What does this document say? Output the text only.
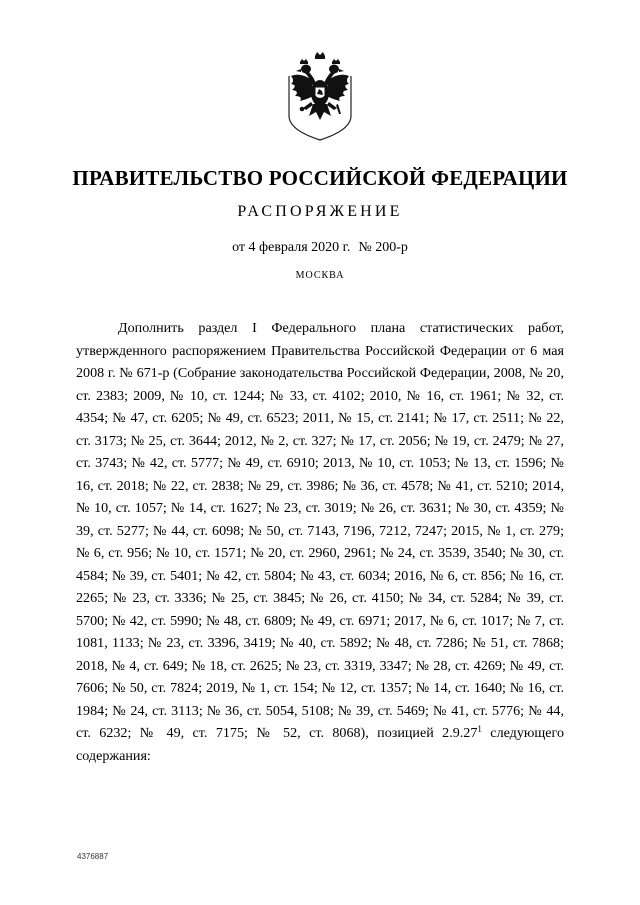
ПРАВИТЕЛЬСТВО РОССИЙСКОЙ ФЕДЕРАЦИИ
РАСПОРЯЖЕНИЕ
от 4 февраля 2020 г. № 200-р
МОСКВА

Дополнить раздел I Федерального плана статистических работ, утвержденного распоряжением Правительства Российской Федерации от 6 мая 2008 г. № 671-р (Собрание законодательства Российской Федерации, 2008, № 20, ст. 2383; 2009, № 10, ст. 1244; № 33, ст. 4102; 2010, № 16, ст. 1961; № 32, ст. 4354; № 47, ст. 6205; № 49, ст. 6523; 2011, № 15, ст. 2141; № 17, ст. 2511; № 22, ст. 3173; № 25, ст. 3644; 2012, № 2, ст. 327; № 17, ст. 2056; № 19, ст. 2479; № 27, ст. 3743; № 42, ст. 5777; № 49, ст. 6910; 2013, № 10, ст. 1053; № 13, ст. 1596; № 16, ст. 2018; № 22, ст. 2838; № 29, ст. 3986; № 36, ст. 4578; № 41, ст. 5210; 2014, № 10, ст. 1057; № 14, ст. 1627; № 23, ст. 3019; № 26, ст. 3631; № 30, ст. 4359; № 39, ст. 5277; № 44, ст. 6098; № 50, ст. 7143, 7196, 7212, 7247; 2015, № 1, ст. 279; № 6, ст. 956; № 10, ст. 1571; № 20, ст. 2960, 2961; № 24, ст. 3539, 3540; № 30, ст. 4584; № 39, ст. 5401; № 42, ст. 5804; № 43, ст. 6034; 2016, № 6, ст. 856; № 16, ст. 2265; № 23, ст. 3336; № 25, ст. 3845; № 26, ст. 4150; № 34, ст. 5284; № 39, ст. 5700; № 42, ст. 5990; № 48, ст. 6809; № 49, ст. 6971; 2017, № 6, ст. 1017; № 7, ст. 1081, 1133; № 23, ст. 3396, 3419; № 40, ст. 5892; № 48, ст. 7286; № 51, ст. 7868; 2018, № 4, ст. 649; № 18, ст. 2625; № 23, ст. 3319, 3347; № 28, ст. 4269; № 49, ст. 7606; № 50, ст. 7824; 2019, № 1, ст. 154; № 12, ст. 1357; № 14, ст. 1640; № 16, ст. 1984; № 24, ст. 3113; № 36, ст. 5054, 5108; № 39, ст. 5469; № 41, ст. 5776; № 44, ст. 6232; № 49, ст. 7175; № 52, ст. 8068), позицией 2.9.27$^1$ следующего содержания:

4376887
